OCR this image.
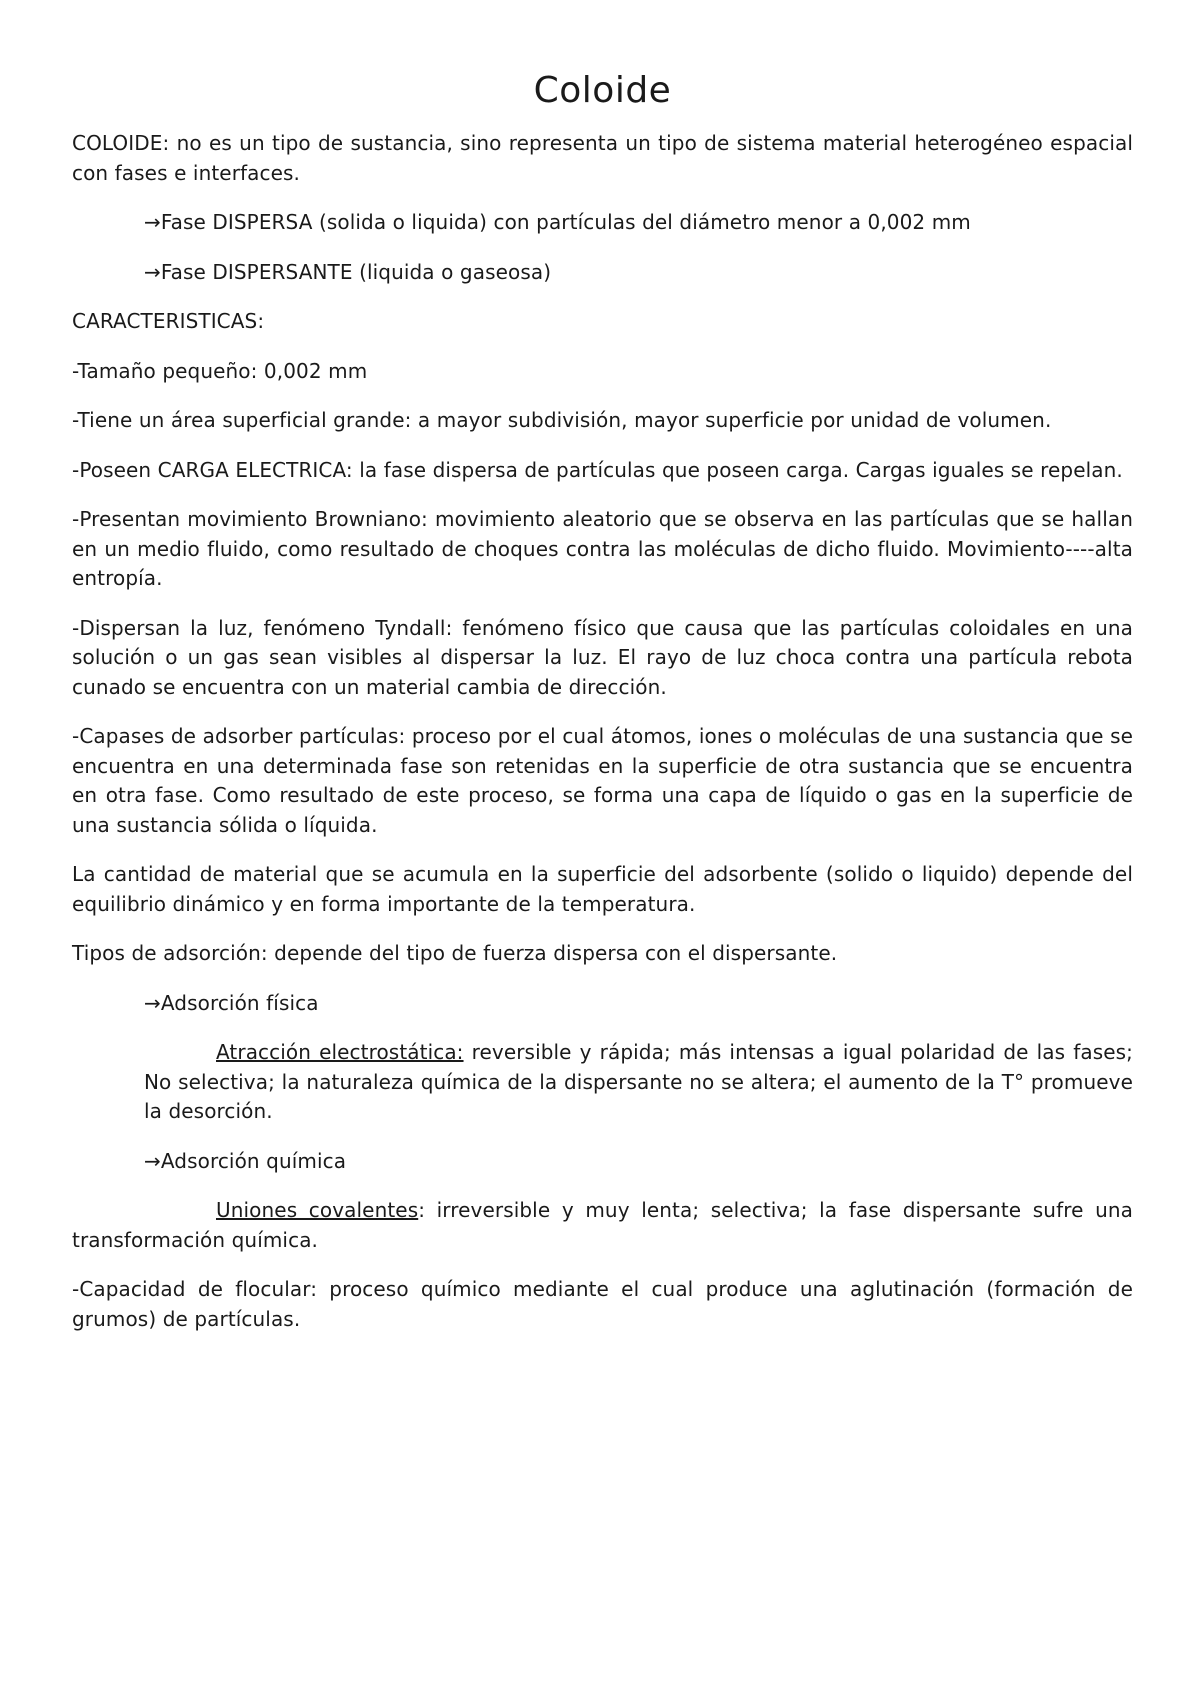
Coloide

COLOIDE: no es un tipo de sustancia, sino representa un tipo de sistema material heterogéneo espacial con fases e interfaces.

→Fase DISPERSA (solida o liquida) con partículas del diámetro menor a 0,002 mm

→Fase DISPERSANTE (liquida o gaseosa)

CARACTERISTICAS:

-Tamaño pequeño: 0,002 mm

-Tiene un área superficial grande: a mayor subdivisión, mayor superficie por unidad de volumen.

-Poseen CARGA ELECTRICA: la fase dispersa de partículas que poseen carga. Cargas iguales se repelan.

-Presentan movimiento Browniano: movimiento aleatorio que se observa en las partículas que se hallan en un medio fluido, como resultado de choques contra las moléculas de dicho fluido. Movimiento----alta entropía.

-Dispersan la luz, fenómeno Tyndall: fenómeno físico que causa que las partículas coloidales en una solución o un gas sean visibles al dispersar la luz. El rayo de luz choca contra una partícula rebota cunado se encuentra con un material cambia de dirección.

-Capases de adsorber partículas: proceso por el cual átomos, iones o moléculas de una sustancia que se encuentra en una determinada fase son retenidas en la superficie de otra sustancia que se encuentra en otra fase. Como resultado de este proceso, se forma una capa de líquido o gas en la superficie de una sustancia sólida o líquida.

La cantidad de material que se acumula en la superficie del adsorbente (solido o liquido) depende del equilibrio dinámico y en forma importante de la temperatura.

Tipos de adsorción: depende del tipo de fuerza dispersa con el dispersante.

→Adsorción física

Atracción electrostática: reversible y rápida; más intensas a igual polaridad de las fases; No selectiva; la naturaleza química de la dispersante no se altera; el aumento de la T° promueve la desorción.

→Adsorción química

Uniones covalentes: irreversible y muy lenta; selectiva; la fase dispersante sufre una transformación química.

-Capacidad de flocular: proceso químico mediante el cual produce una aglutinación (formación de grumos) de partículas.
